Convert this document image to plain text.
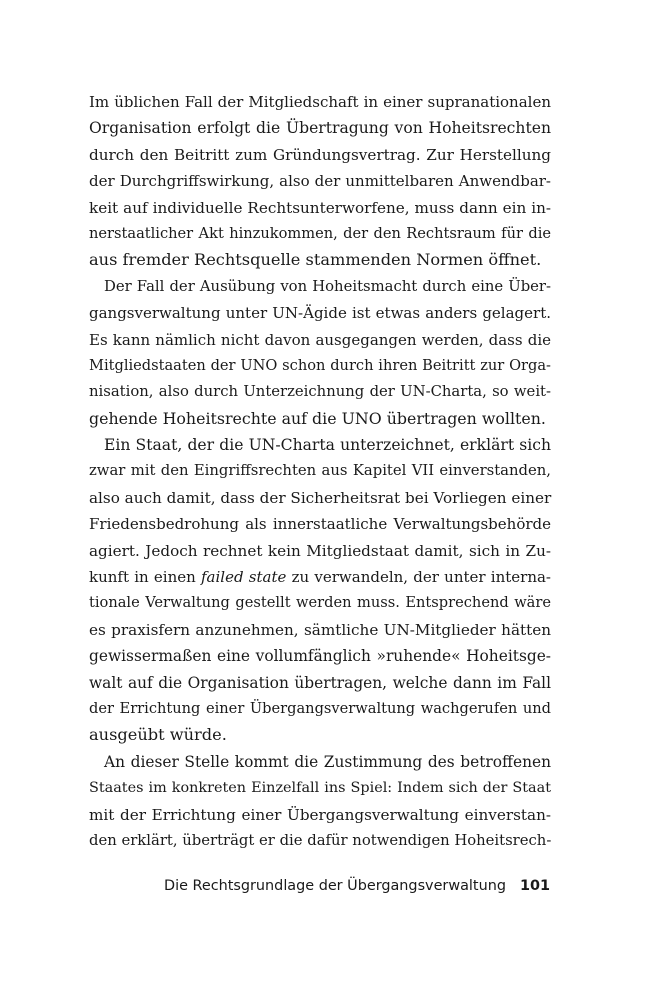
Im üblichen Fall der Mitgliedschaft in einer supranationalen
Organisation erfolgt die Übertragung von Hoheitsrechten
durch den Beitritt zum Gründungsvertrag. Zur Herstellung
der Durchgriffswirkung, also der unmittelbaren Anwendbar-
keit auf individuelle Rechtsunterworfene, muss dann ein in-
nerstaatlicher Akt hinzukommen, der den Rechtsraum für die
aus fremder Rechtsquelle stammenden Normen öffnet.
Der Fall der Ausübung von Hoheitsmacht durch eine Über-
gangsverwaltung unter UN-Ägide ist etwas anders gelagert.
Es kann nämlich nicht davon ausgegangen werden, dass die
Mitgliedstaaten der UNO schon durch ihren Beitritt zur Orga-
nisation, also durch Unterzeichnung der UN-Charta, so weit-
gehende Hoheitsrechte auf die UNO übertragen wollten.
Ein Staat, der die UN-Charta unterzeichnet, erklärt sich
zwar mit den Eingriffsrechten aus Kapitel VII einverstanden,
also auch damit, dass der Sicherheitsrat bei Vorliegen einer
Friedensbedrohung als innerstaatliche Verwaltungsbehörde
agiert. Jedoch rechnet kein Mitgliedstaat damit, sich in Zu-
kunft in einen failed state zu verwandeln, der unter interna-
tionale Verwaltung gestellt werden muss. Entsprechend wäre
es praxisfern anzunehmen, sämtliche UN-Mitglieder hätten
gewissermaßen eine vollumfänglich »ruhende« Hoheitsge-
walt auf die Organisation übertragen, welche dann im Fall
der Errichtung einer Übergangsverwaltung wachgerufen und
ausgeübt würde.
An dieser Stelle kommt die Zustimmung des betroffenen
Staates im konkreten Einzelfall ins Spiel: Indem sich der Staat
mit der Errichtung einer Übergangsverwaltung einverstan-
den erklärt, überträgt er die dafür notwendigen Hoheitsrech-
Die Rechtsgrundlage der Übergangsverwaltung 101
